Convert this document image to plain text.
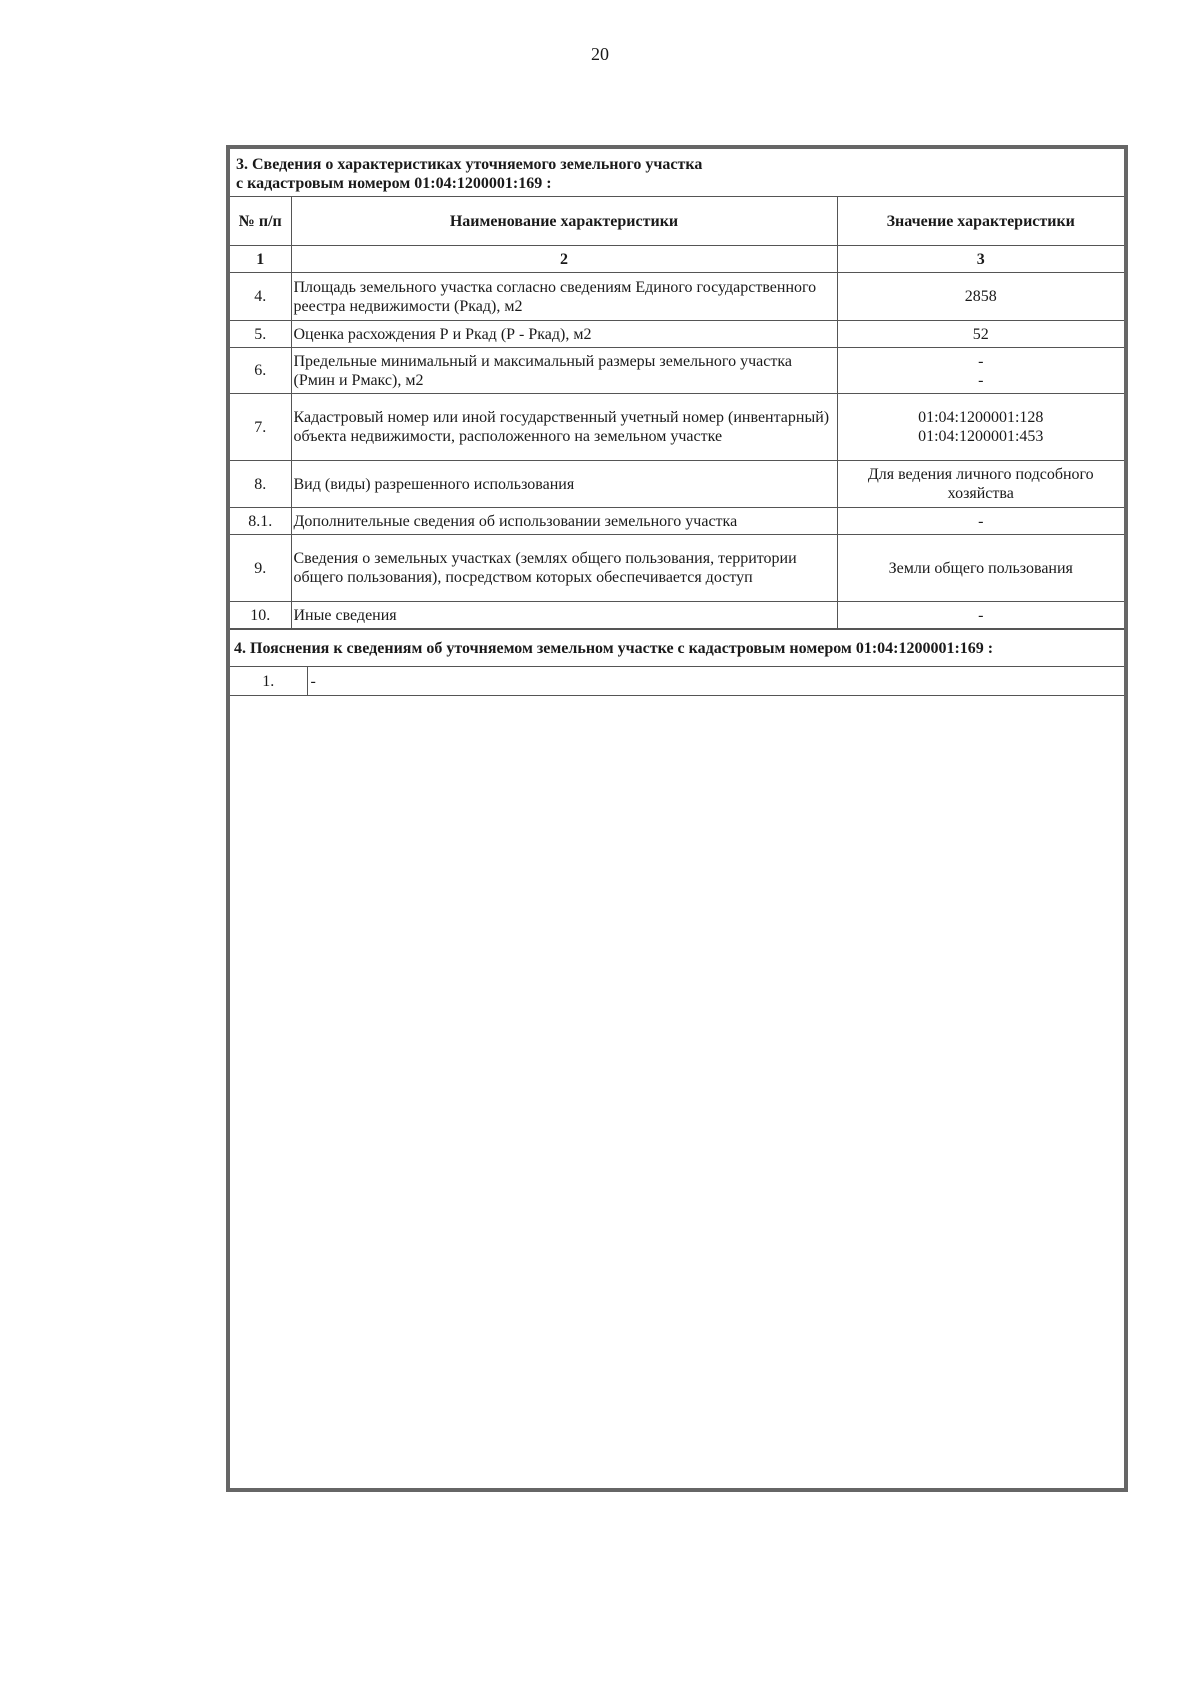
20
3. Сведения о характеристиках уточняемого земельного участка
с кадастровым номером 01:04:1200001:169 :		

№ п/п	Наименование характеристики	Значение характеристики
1	2	3
4.	Площадь земельного участка согласно сведениям Единого государственного реестра недвижимости (Ркад), м2	2858

5.	Оценка расхождения Р и Ркад (Р - Ркад), м2	52

6.	Предельные минимальный и максимальный размеры земельного участка (Рмин и Рмакс), м2	-
-

7.	Кадастровый номер или иной государственный учетный номер (инвентарный) объекта недвижимости, расположенного на земельном участке	01:04:1200001:128
01:04:1200001:453

8.	Вид (виды) разрешенного использования	Для ведения личного подсобного хозяйства

8.1.	Дополнительные сведения об использовании земельного участка	-

9.	Сведения о земельных участках (землях общего пользования, территории общего пользования), посредством которых обеспечивается доступ	Земли общего пользования

10.	Иные сведения	-
4. Пояснения к сведениям об уточняемом земельном участке с кадастровым номером 01:04:1200001:169 :
1.	-
